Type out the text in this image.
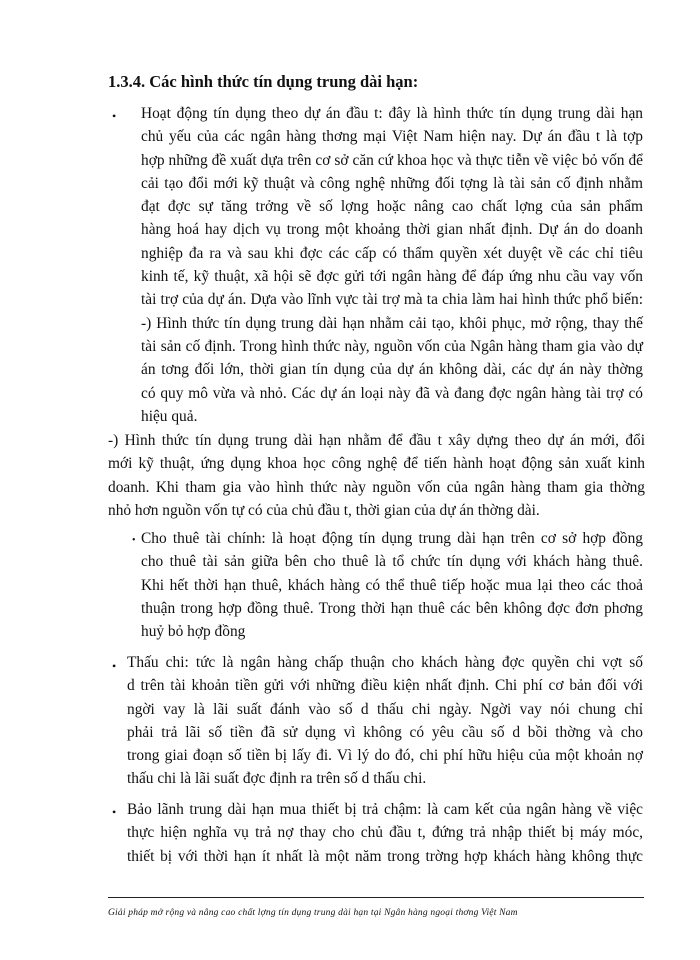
1.3.4. Các hình thức tín dụng trung dài hạn:
• Hoạt động tín dụng theo dự án đầu t: đây là hình thức tín dụng trung dài hạn

chủ yếu của các ngân hàng thơng mại Việt Nam hiện nay. Dự án đầu t là tợp

hợp những đề xuất dựa trên cơ sở căn cứ khoa học và thực tiễn về việc bỏ vốn để

cải tạo đổi mới kỹ thuật và công nghệ những đối tợng là tài sản cố định nhằm

đạt đợc sự tăng trởng về số lợng hoặc nâng cao chất lợng của sản phẩm

hàng hoá hay dịch vụ trong một khoảng thời gian nhất định. Dự án do doanh

nghiệp đa ra và sau khi đợc các cấp có thẩm quyền xét duyệt về các chỉ tiêu

kinh tế, kỹ thuật, xã hội sẽ đợc gửi tới ngân hàng để đáp ứng nhu cầu vay vốn

tài trợ của dự án. Dựa vào lĩnh vực tài trợ mà ta chia làm hai hình thức phổ biến:

-) Hình thức tín dụng trung dài hạn nhằm cải tạo, khôi phục, mở rộng, thay thế

tài sản cố định. Trong hình thức này, nguồn vốn của Ngân hàng tham gia vào dự

án tơng đối lớn, thời gian tín dụng của dự án không dài, các dự án này thờng

có quy mô vừa và nhỏ. Các dự án loại này đã và đang đợc ngân hàng tài trợ có

hiệu quả.

-) Hình thức tín dụng trung dài hạn nhằm để đầu t xây dựng theo dự án mới, đổi

mới kỹ thuật, ứng dụng khoa học công nghệ để tiến hành hoạt động sản xuất kinh

doanh. Khi tham gia vào hình thức này nguồn vốn của ngân hàng tham gia thờng

nhỏ hơn nguồn vốn tự có của chủ đầu t, thời gian của dự án thờng dài.

• Cho thuê tài chính: là hoạt động tín dụng trung dài hạn trên cơ sở hợp đồng

cho thuê tài sản giữa bên cho thuê là tổ chức tín dụng với khách hàng thuê.

Khi hết thời hạn thuê, khách hàng có thể thuê tiếp hoặc mua lại theo các thoả

thuận trong hợp đồng thuê. Trong thời hạn thuê các bên không đợc đơn phơng

huỷ bỏ hợp đồng

• Thấu chi: tức là ngân hàng chấp thuận cho khách hàng đợc quyền chi vợt số

d trên tài khoản tiền gửi với những điều kiện nhất định. Chi phí cơ bản đối với

ngời vay là lãi suất đánh vào số d thấu chi ngày. Ngời vay nói chung chỉ

phải trả lãi số tiền đã sử dụng vì không có yêu cầu số d bồi thờng và cho

trong giai đoạn số tiền bị lấy đi. Vì lý do đó, chi phí hữu hiệu của một khoản nợ

thấu chi là lãi suất đợc định ra trên số d thấu chi.

• Bảo lãnh trung dài hạn mua thiết bị trả chậm: là cam kết của ngân hàng về việc

thực hiện nghĩa vụ trả nợ thay cho chủ đầu t, đứng trả nhập thiết bị máy móc,

thiết bị với thời hạn ít nhất là một năm trong trờng hợp khách hàng không thực

Giải pháp mở rộng và nâng cao chất lợng tín dụng trung dài hạn tại Ngân hàng ngoại thơng Việt Nam
